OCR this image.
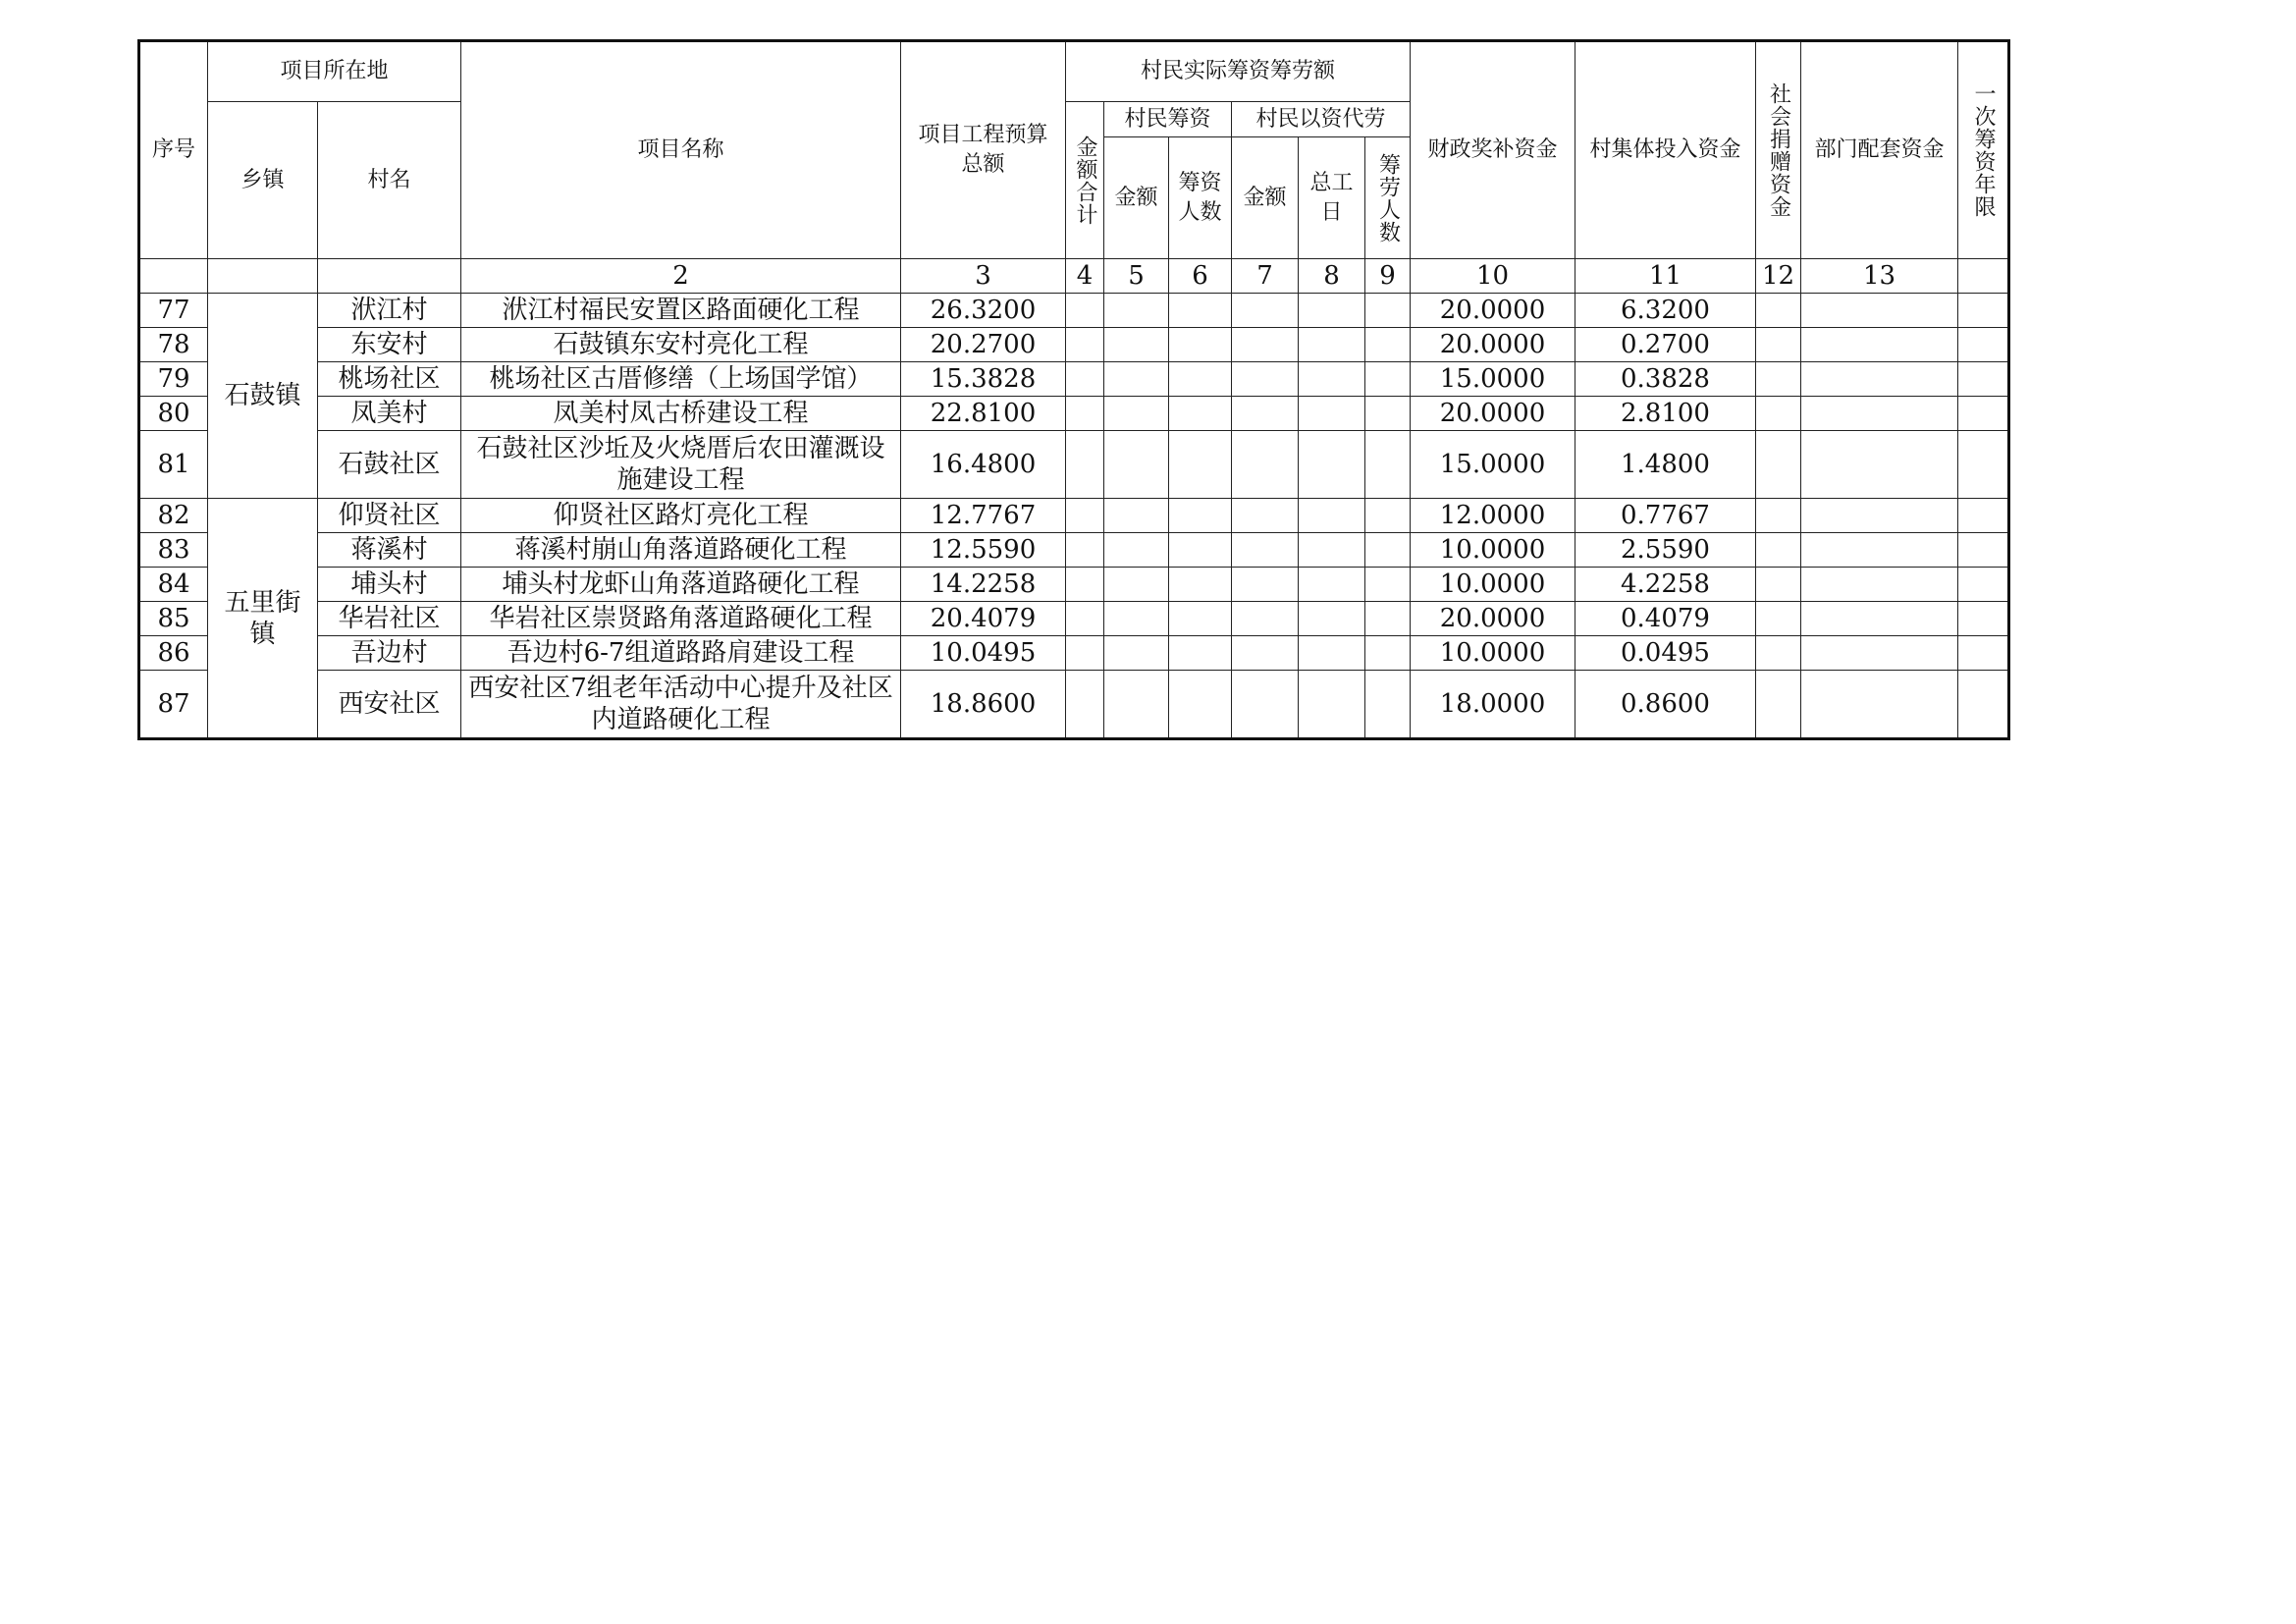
序号	项目所在地		项目名称	项目工程预算总额	村民实际筹资筹劳额						财政奖补资金	村集体投入资金	社会捐赠资金	部门配套资金	一次筹资年限

	乡镇	村名			金额合计	村民筹资		村民以资代劳							
						金额	筹资人数	金额	总工日	筹劳人数					

			2	3	4	5	6	7	8	9	10	11	12	13	
77	石鼓镇	洑江村	洑江村福民安置区路面硬化工程	26.3200							20.0000	6.3200			
78		东安村	石鼓镇东安村亮化工程	20.2700							20.0000	0.2700			
79		桃场社区	桃场社区古厝修缮（上场国学馆）	15.3828							15.0000	0.3828			
80		凤美村	凤美村凤古桥建设工程	22.8100							20.0000	2.8100			
81		石鼓社区	石鼓社区沙坵及火烧厝后农田灌溉设施建设工程	16.4800							15.0000	1.4800			
82	五里街镇	仰贤社区	仰贤社区路灯亮化工程	12.7767							12.0000	0.7767			
83		蒋溪村	蒋溪村崩山角落道路硬化工程	12.5590							10.0000	2.5590			
84		埔头村	埔头村龙虾山角落道路硬化工程	14.2258							10.0000	4.2258			
85		华岩社区	华岩社区崇贤路角落道路硬化工程	20.4079							20.0000	0.4079			
86		吾边村	吾边村6-7组道路路肩建设工程	10.0495							10.0000	0.0495			
87		西安社区	西安社区7组老年活动中心提升及社区内道路硬化工程	18.8600							18.0000	0.8600			
